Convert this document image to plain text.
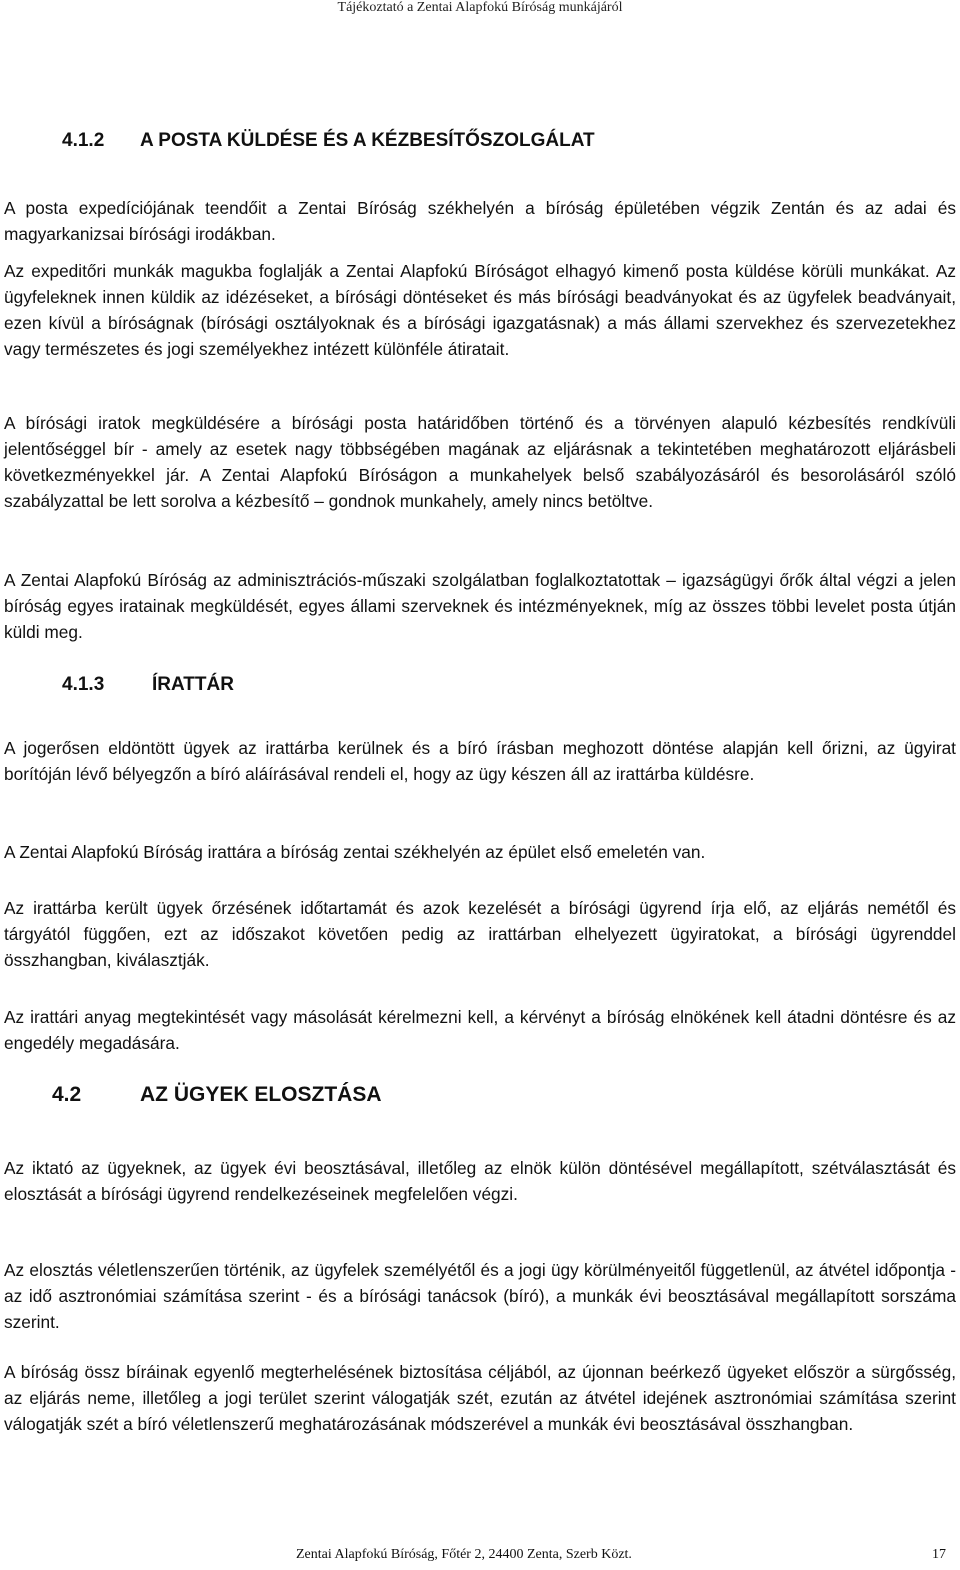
Tájékoztató a Zentai Alapfokú Bíróság munkájáról

4.1.2 A POSTA KÜLDÉSE ÉS A KÉZBESÍTŐSZOLGÁLAT

A posta expedíciójának teendőit a Zentai Bíróság székhelyén a bíróság épületében végzik Zentán és az adai és magyarkanizsai bírósági irodákban.

Az expeditőri munkák magukba foglalják a Zentai Alapfokú Bíróságot elhagyó kimenő posta küldése körüli munkákat. Az ügyfeleknek innen küldik az idézéseket, a bírósági döntéseket és más bírósági beadványokat és az ügyfelek beadványait, ezen kívül a bíróságnak (bírósági osztályoknak és a bírósági igazgatásnak) a más állami szervekhez és szervezetekhez vagy természetes és jogi személyekhez intézett különféle átiratait.

A bírósági iratok megküldésére a bírósági posta határidőben történő és a törvényen alapuló kézbesítés rendkívüli jelentőséggel bír - amely az esetek nagy többségében magának az eljárásnak a tekintetében meghatározott eljárásbeli következményekkel jár. A Zentai Alapfokú Bíróságon a munkahelyek belső szabályozásáról és besorolásáról szóló szabályzattal be lett sorolva a kézbesítő – gondnok munkahely, amely nincs betöltve.

A Zentai Alapfokú Bíróság az adminisztrációs-műszaki szolgálatban foglalkoztatottak – igazságügyi őrők által végzi a jelen bíróság egyes iratainak megküldését, egyes állami szerveknek és intézményeknek, míg az összes többi levelet posta útján küldi meg.

4.1.3	ÍRATTÁR

A jogerősen eldöntött ügyek az irattárba kerülnek és a bíró írásban meghozott döntése alapján kell őrizni, az ügyirat borítóján lévő bélyegzőn a bíró aláírásával rendeli el, hogy az ügy készen áll az irattárba küldésre.

A Zentai Alapfokú Bíróság irattára a bíróság zentai székhelyén az épület első emeletén van.

Az irattárba került ügyek őrzésének időtartamát és azok kezelését a bírósági ügyrend írja elő, az eljárás nemétől és tárgyától függően, ezt az időszakot követően pedig az irattárban elhelyezett ügyiratokat, a bírósági ügyrenddel összhangban, kiválasztják.

Az irattári anyag megtekintését vagy másolását kérelmezni kell, a kérvényt a bíróság elnökének kell átadni döntésre és az engedély megadására.

4.2	AZ ÜGYEK ELOSZTÁSA

Az iktató az ügyeknek, az ügyek évi beosztásával, illetőleg az elnök külön döntésével megállapított, szétválasztását és elosztását a bírósági ügyrend rendelkezéseinek megfelelően végzi.

Az elosztás véletlenszerűen történik, az ügyfelek személyétől és a jogi ügy körülményeitől függetlenül, az átvétel időpontja - az idő asztronómiai számítása szerint - és a bírósági tanácsok (bíró), a munkák évi beosztásával megállapított sorszáma szerint.

A bíróság össz bíráinak egyenlő megterhelésének biztosítása céljából, az újonnan beérkező ügyeket először a sürgősség, az eljárás neme, illetőleg a jogi terület szerint válogatják szét, ezután az átvétel idejének asztronómiai számítása szerint válogatják szét a bíró véletlenszerű meghatározásának módszerével a munkák évi beosztásával összhangban.

Zentai Alapfokú Bíróság, Főtér 2, 24400 Zenta, Szerb Közt.	17
